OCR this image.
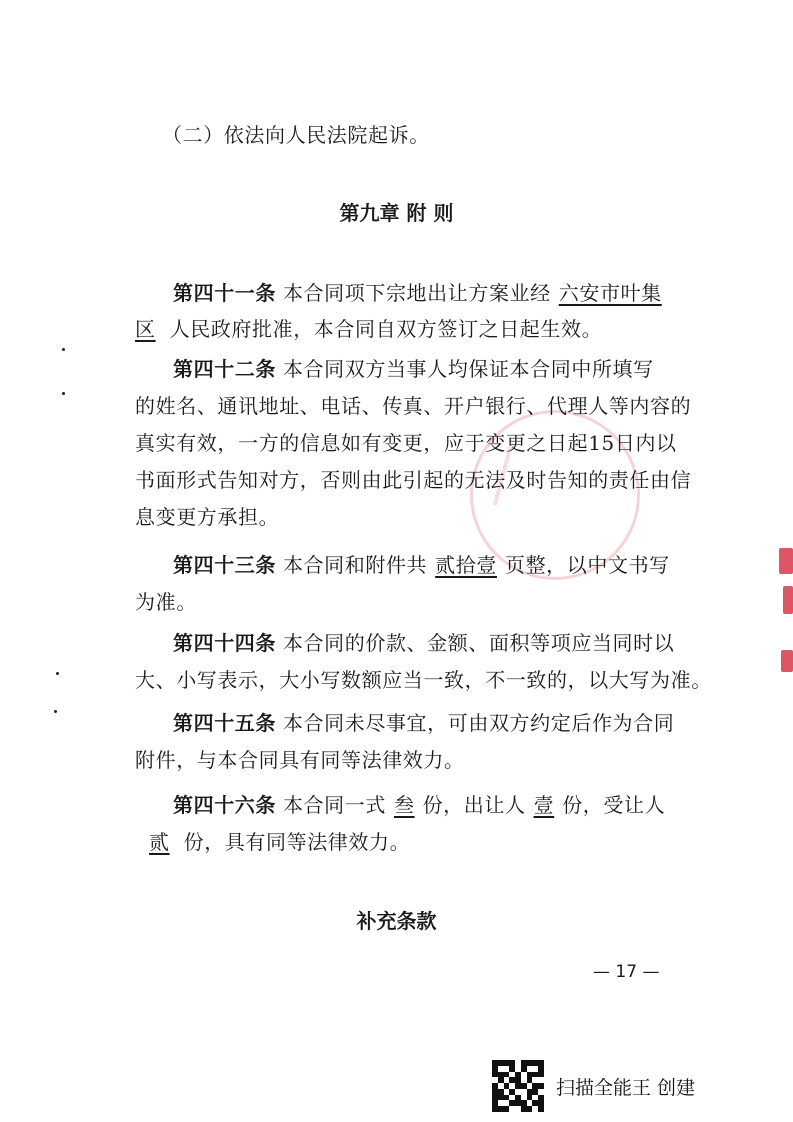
（二）依法向人民法院起诉。
第九章 附 则
第四十一条 本合同项下宗地出让方案业经 六安市叶集
区 人民政府批准，本合同自双方签订之日起生效。
第四十二条 本合同双方当事人均保证本合同中所填写
的姓名、通讯地址、电话、传真、开户银行、代理人等内容的
真实有效，一方的信息如有变更，应于变更之日起15日内以
书面形式告知对方，否则由此引起的无法及时告知的责任由信
息变更方承担。
第四十三条 本合同和附件共 贰拾壹 页整，以中文书写
为准。
第四十四条 本合同的价款、金额、面积等项应当同时以
大、小写表示，大小写数额应当一致，不一致的，以大写为准。
第四十五条 本合同未尽事宜，可由双方约定后作为合同
附件，与本合同具有同等法律效力。
第四十六条 本合同一式 叁 份，出让人 壹 份，受让人
贰 份，具有同等法律效力。
补充条款
— 17 —
扫描全能王 创建
